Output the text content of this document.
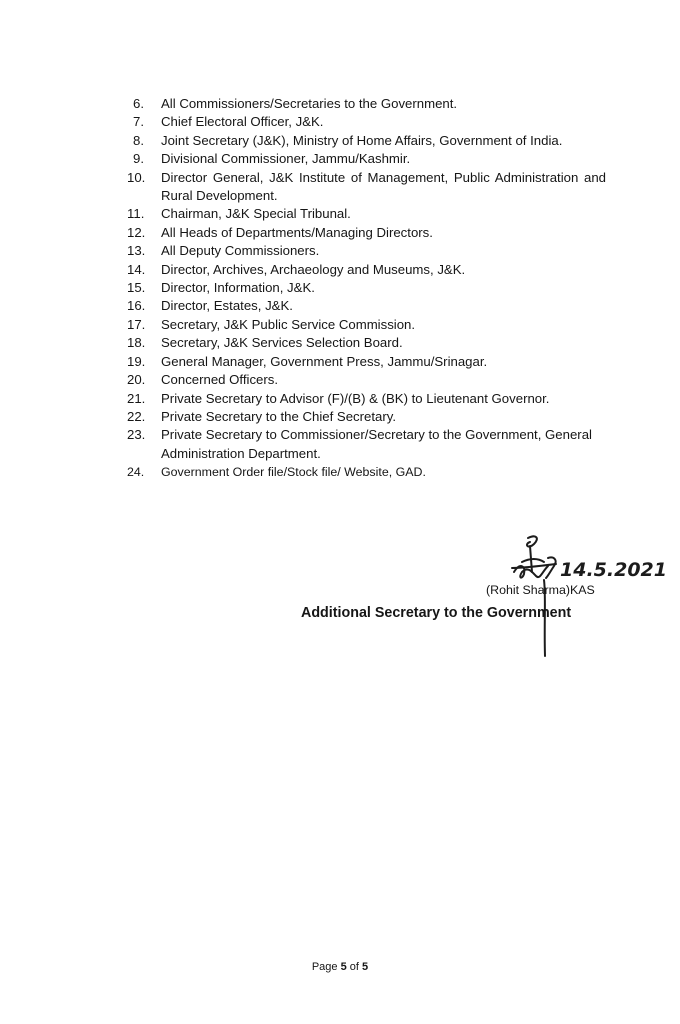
6. All Commissioners/Secretaries to the Government.
7. Chief Electoral Officer, J&K.
8. Joint Secretary (J&K), Ministry of Home Affairs, Government of India.
9. Divisional Commissioner, Jammu/Kashmir.
10. Director General, J&K Institute of Management, Public Administration and Rural Development.
11. Chairman, J&K Special Tribunal.
12. All Heads of Departments/Managing Directors.
13. All Deputy Commissioners.
14. Director, Archives, Archaeology and Museums, J&K.
15. Director, Information, J&K.
16. Director, Estates, J&K.
17. Secretary, J&K Public Service Commission.
18. Secretary, J&K Services Selection Board.
19. General Manager, Government Press, Jammu/Srinagar.
20. Concerned Officers.
21. Private Secretary to Advisor (F)/(B) & (BK) to Lieutenant Governor.
22. Private Secretary to the Chief Secretary.
23. Private Secretary to Commissioner/Secretary to the Government, General Administration Department.
24. Government Order file/Stock file/ Website, GAD.
14.5.2021
(Rohit Sharma)KAS
Additional Secretary to the Government
Page 5 of 5
